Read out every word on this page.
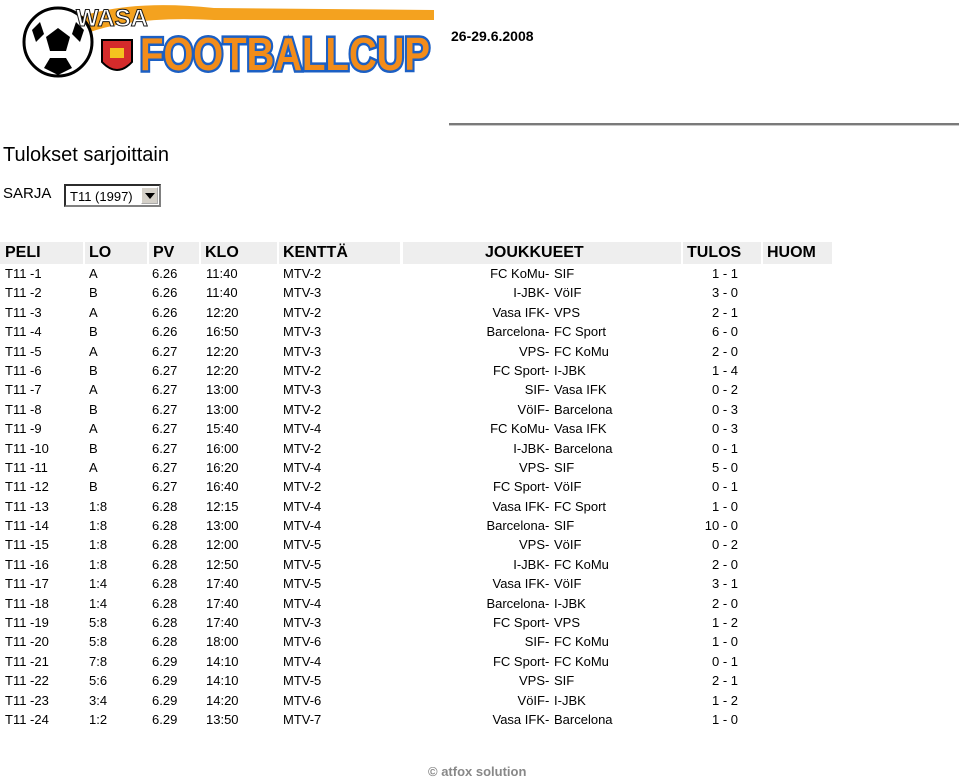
WASA
FOOTBALLCUP 26-29.6.2008
Tulokset sarjoittain
SARJA T11 (1997)
PELI	LO	PV KLO	KENTTÄ	JOUKKUEET	TULOS HUOM
T11 -1	A	6.26 11:40	MTV-2	FC KoMu - SIF	1 - 1
T11 -2	B	6.26 11:40	MTV-3	I-JBK - VöIF	3 - 0
T11 -3	A	6.26 12:20	MTV-2	Vasa IFK - VPS	2 - 1
T11 -4	B	6.26 16:50	MTV-3	Barcelona - FC Sport	6 - 0
T11 -5	A	6.27 12:20	MTV-3	VPS - FC KoMu	2 - 0
T11 -6	B	6.27 12:20	MTV-2	FC Sport - I-JBK	1 - 4
T11 -7	A	6.27 13:00	MTV-3	SIF - Vasa IFK	0 - 2
T11 -8	B	6.27 13:00	MTV-2	VöIF - Barcelona	0 - 3
T11 -9	A	6.27 15:40	MTV-4	FC KoMu - Vasa IFK	0 - 3
T11 -10	B	6.27 16:00	MTV-2	I-JBK - Barcelona	0 - 1
T11 -11	A	6.27 16:20	MTV-4	VPS - SIF	5 - 0
T11 -12	B	6.27 16:40	MTV-2	FC Sport - VöIF	0 - 1
T11 -13	1:8	6.28 12:15	MTV-4	Vasa IFK - FC Sport	1 - 0
T11 -14	1:8	6.28 13:00	MTV-4	Barcelona - SIF	10 - 0
T11 -15	1:8	6.28 12:00	MTV-5	VPS - VöIF	0 - 2
T11 -16	1:8	6.28 12:50	MTV-5	I-JBK - FC KoMu	2 - 0
T11 -17	1:4	6.28 17:40	MTV-5	Vasa IFK - VöIF	3 - 1
T11 -18	1:4	6.28 17:40	MTV-4	Barcelona - I-JBK	2 - 0
T11 -19	5:8	6.28 17:40	MTV-3	FC Sport - VPS	1 - 2
T11 -20	5:8	6.28 18:00	MTV-6	SIF - FC KoMu	1 - 0
T11 -21	7:8	6.29 14:10	MTV-4	FC Sport - FC KoMu	0 - 1
T11 -22	5:6	6.29 14:10	MTV-5	VPS - SIF	2 - 1
T11 -23	3:4	6.29 14:20	MTV-6	VöIF - I-JBK	1 - 2
T11 -24	1:2	6.29 13:50	MTV-7	Vasa IFK - Barcelona	1 - 0
© atfox solution
